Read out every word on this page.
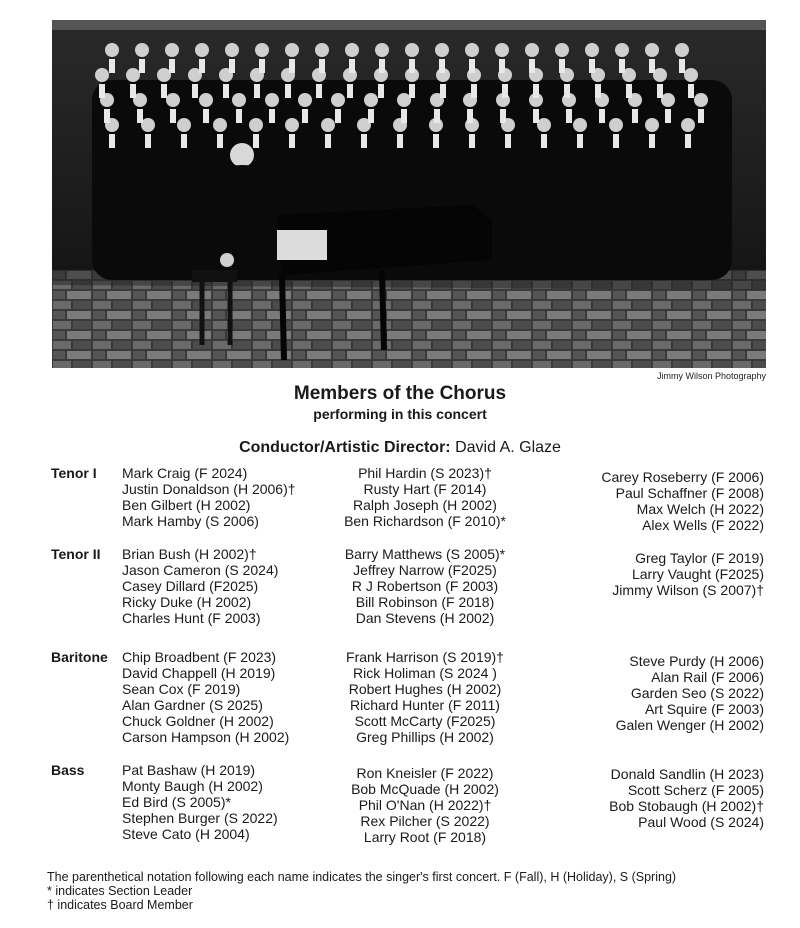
Jimmy Wilson Photography
Members of the Chorus
performing in this concert
Conductor/Artistic Director: David A. Glaze
Tenor I Mark Craig (F 2024)
Justin Donaldson (H 2006)†
Ben Gilbert (H 2002)
Mark Hamby (S 2006)
Phil Hardin (S 2023)†
Rusty Hart (F 2014)
Ralph Joseph (H 2002)
Ben Richardson (F 2010)*
Carey Roseberry (F 2006)
Paul Schaffner (F 2008)
Max Welch (H 2022)
Alex Wells (F 2022)
Tenor II Brian Bush (H 2002)†
Jason Cameron (S 2024)
Casey Dillard (F2025)
Ricky Duke (H 2002)
Charles Hunt (F 2003)
Barry Matthews (S 2005)*
Jeffrey Narrow (F2025)
R J Robertson (F 2003)
Bill Robinson (F 2018)
Dan Stevens (H 2002)
Greg Taylor (F 2019)
Larry Vaught (F2025)
Jimmy Wilson (S 2007)†
Baritone Chip Broadbent (F 2023)
David Chappell (H 2019)
Sean Cox (F 2019)
Alan Gardner (S 2025)
Chuck Goldner (H 2002)
Carson Hampson (H 2002)
Frank Harrison (S 2019)†
Rick Holiman (S 2024 )
Robert Hughes (H 2002)
Richard Hunter (F 2011)
Scott McCarty (F2025)
Greg Phillips (H 2002)
Steve Purdy (H 2006)
Alan Rail (F 2006)
Garden Seo (S 2022)
Art Squire (F 2003)
Galen Wenger (H 2002)
Bass	Pat Bashaw (H 2019)
Monty Baugh (H 2002)
Ed Bird (S 2005)*
Stephen Burger (S 2022)
Steve Cato (H 2004)
Ron Kneisler (F 2022)
Bob McQuade (H 2002)
Phil O'Nan (H 2022)†
Rex Pilcher (S 2022)
Larry Root (F 2018)
Donald Sandlin (H 2023)
Scott Scherz (F 2005)
Bob Stobaugh (H 2002)†
Paul Wood (S 2024)
The parenthetical notation following each name indicates the singer's first concert. F (Fall), H (Holiday), S (Spring)
* indicates Section Leader
† indicates Board Member
